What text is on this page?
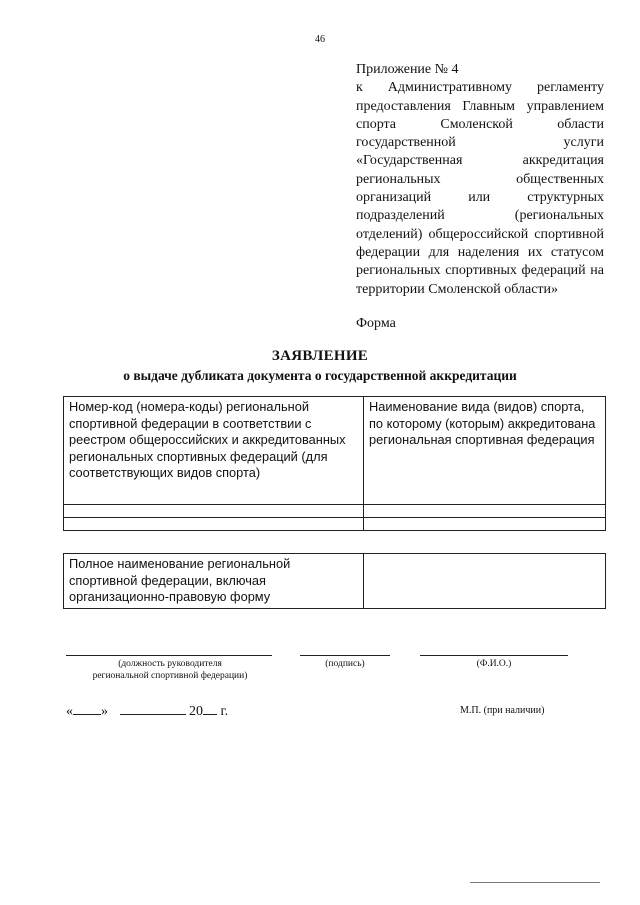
46
Приложение № 4
к Административному регламенту предоставления Главным управлением спорта Смоленской области государственной услуги «Государственная аккредитация региональных общественных организаций или структурных подразделений (региональных отделений) общероссийской спортивной федерации для наделения их статусом региональных спортивных федераций на территории Смоленской области»
Форма
ЗАЯВЛЕНИЕ
о выдаче дубликата документа о государственной аккредитации
Номер-код (номера-коды) региональной спортивной федерации в соответствии с реестром общероссийских и аккредитованных региональных спортивных федераций (для соответствующих видов спорта)	Наименование вида (видов) спорта, по которому (которым) аккредитована региональная спортивная федерация

Полное наименование региональной спортивной федерации, включая организационно-правовую форму	
(должность руководителя
региональной спортивной федерации)
(подпись)	(Ф.И.О.)
« »	20 г.	М.П. (при наличии)
